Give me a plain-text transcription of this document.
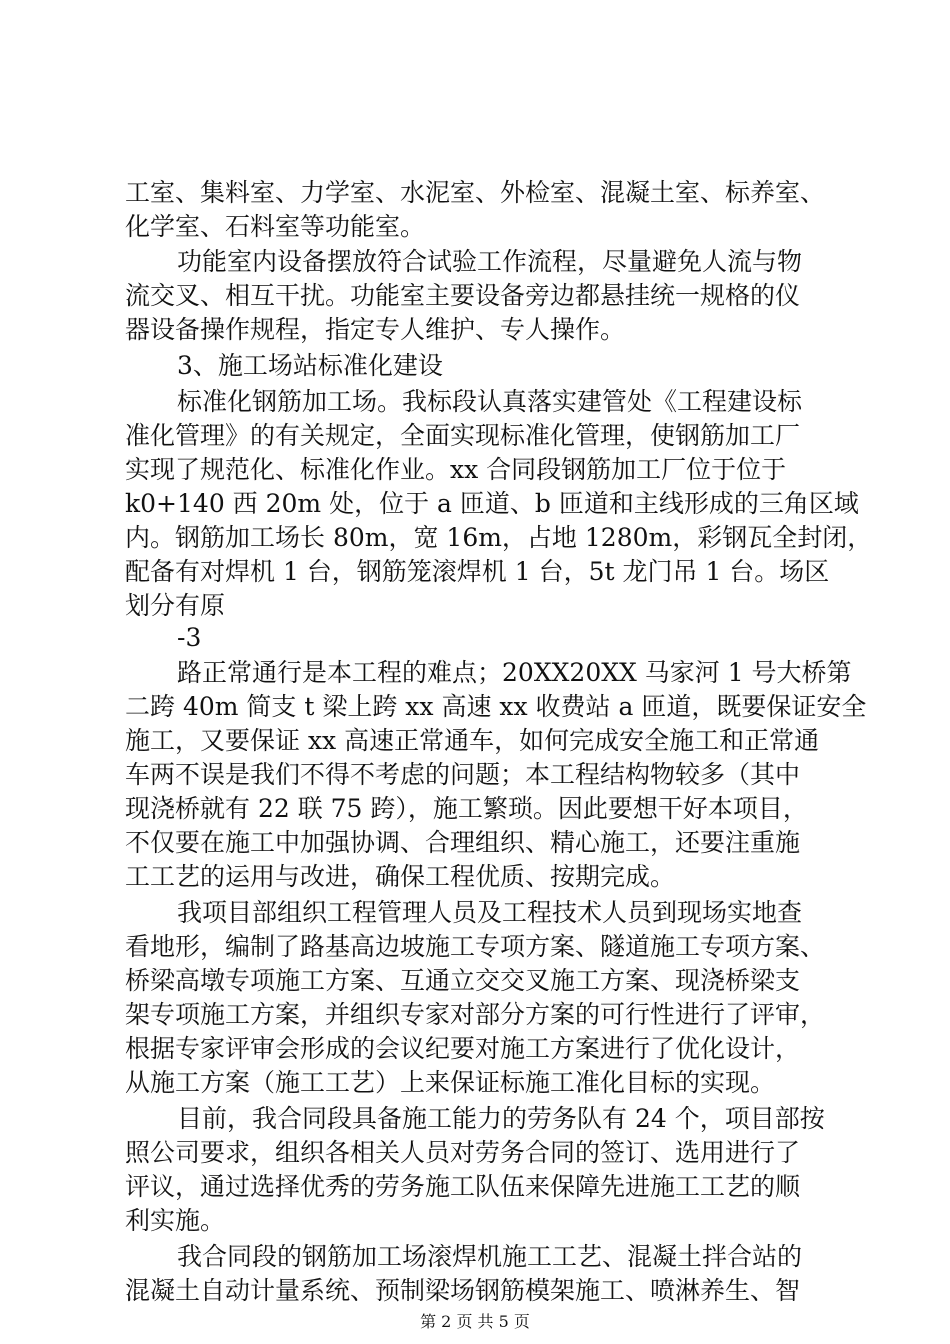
工室、集料室、力学室、水泥室、外检室、混凝土室、标养室、
化学室、石料室等功能室。
功能室内设备摆放符合试验工作流程，尽量避免人流与物
流交叉、相互干扰。功能室主要设备旁边都悬挂统一规格的仪
器设备操作规程，指定专人维护、专人操作。
3、施工场站标准化建设
标准化钢筋加工场。我标段认真落实建管处《工程建设标
准化管理》的有关规定，全面实现标准化管理，使钢筋加工厂
实现了规范化、标准化作业。xx 合同段钢筋加工厂位于位于
k0+140 西 20m 处，位于 a 匝道、b 匝道和主线形成的三角区域
内。钢筋加工场长 80m，宽 16m，占地 1280m，彩钢瓦全封闭，
配备有对焊机 1 台，钢筋笼滚焊机 1 台，5t 龙门吊 1 台。场区
划分有原
-3
路正常通行是本工程的难点；20XX20XX 马家河 1 号大桥第
二跨 40m 简支 t 梁上跨 xx 高速 xx 收费站 a 匝道，既要保证安全
施工，又要保证 xx 高速正常通车，如何完成安全施工和正常通
车两不误是我们不得不考虑的问题；本工程结构物较多（其中
现浇桥就有 22 联 75 跨），施工繁琐。因此要想干好本项目，
不仅要在施工中加强协调、合理组织、精心施工，还要注重施
工工艺的运用与改进，确保工程优质、按期完成。
我项目部组织工程管理人员及工程技术人员到现场实地查
看地形，编制了路基高边坡施工专项方案、隧道施工专项方案、
桥梁高墩专项施工方案、互通立交交叉施工方案、现浇桥梁支
架专项施工方案，并组织专家对部分方案的可行性进行了评审，
根据专家评审会形成的会议纪要对施工方案进行了优化设计，
从施工方案（施工工艺）上来保证标施工准化目标的实现。
目前，我合同段具备施工能力的劳务队有 24 个，项目部按
照公司要求，组织各相关人员对劳务合同的签订、选用进行了
评议，通过选择优秀的劳务施工队伍来保障先进施工工艺的顺
利实施。
我合同段的钢筋加工场滚焊机施工工艺、混凝土拌合站的
混凝土自动计量系统、预制梁场钢筋模架施工、喷淋养生、智
第 2 页 共 5 页
